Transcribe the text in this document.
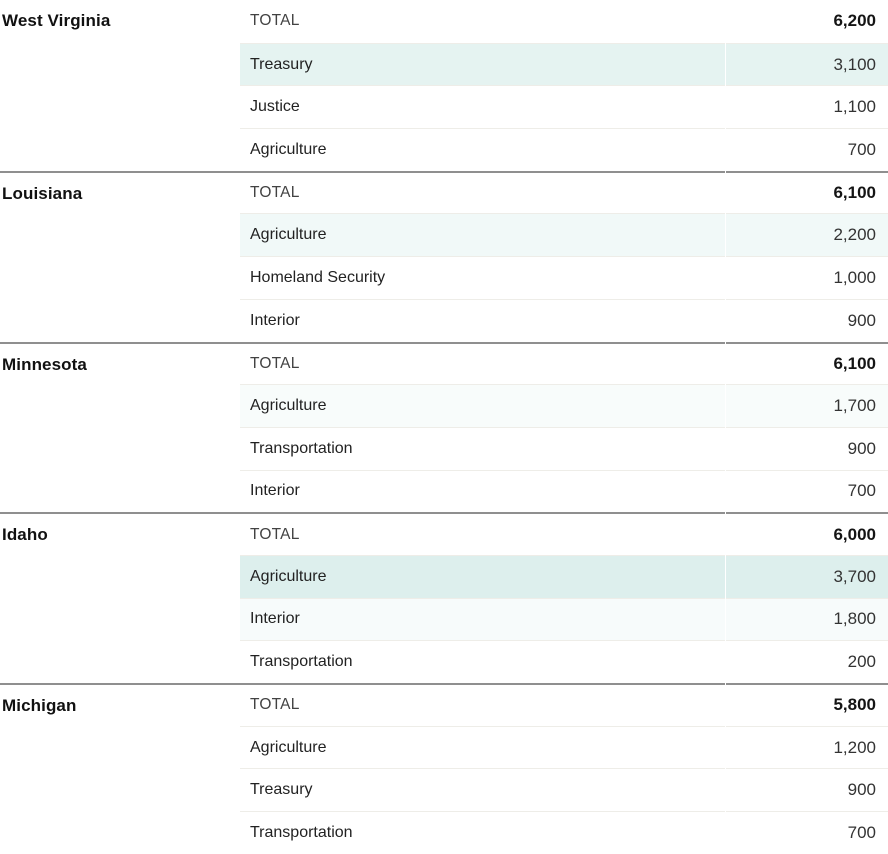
West Virginia	TOTAL	6,200
Treasury	3,100
Justice	1,100
Agriculture	700
Louisiana	TOTAL	6,100
Agriculture	2,200
Homeland Security	1,000
Interior	900
Minnesota	TOTAL	6,100
Agriculture	1,700
Transportation	900
Interior	700
Idaho	TOTAL	6,000
Agriculture	3,700
Interior	1,800
Transportation	200
Michigan	TOTAL	5,800
Agriculture	1,200
Treasury	900
Transportation	700
